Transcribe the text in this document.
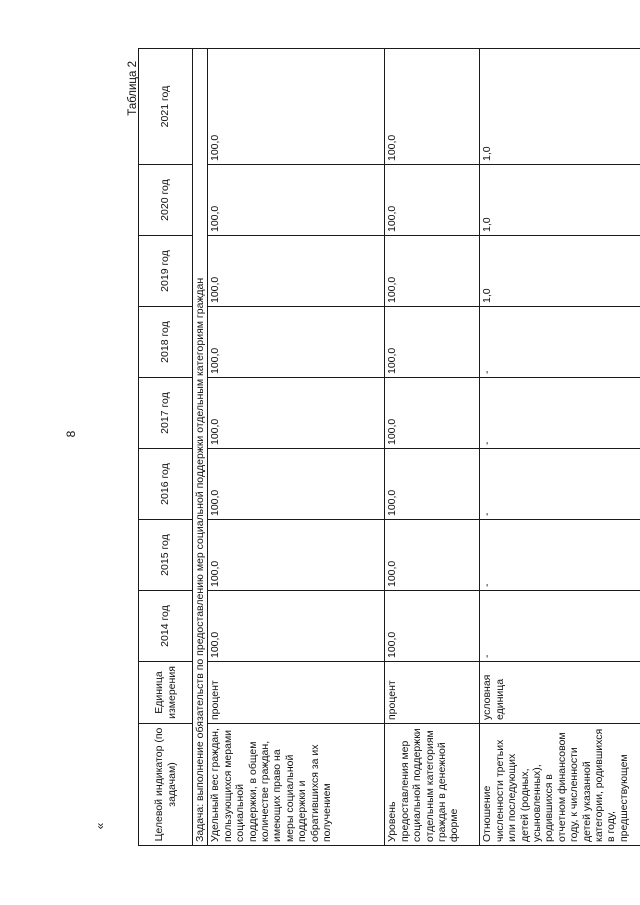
8
«
Таблица 2
Целевой индикатор (по задачам)	Единица измерения	2014 год	2015 год	2016 год	2017 год	2018 год	2019 год	2020 год	2021 год
Задача: выполнение обязательств по предоставлению мер социальной поддержки отдельным категориям граждан									
Удельный вес граждан, пользующихся мерами социальной поддержки, в общем количестве граждан, имеющих право на меры социальной поддержки и обратившихся за их получением	процент	100,0	100,0	100,0	100,0	100,0	100,0	100,0	100,0
Уровень предоставления мер социальной поддержки отдельным категориям граждан в денежной форме	процент	100,0	100,0	100,0	100,0	100,0	100,0	100,0	100,0
Отношение численности третьих или последующих детей (родных, усыновленных), родившихся в отчетном финансовом году, к численности детей указанной категории, родившихся в году, предшествующем	условная единица	-	-	-	-	-	1,0	1,0	1,0
